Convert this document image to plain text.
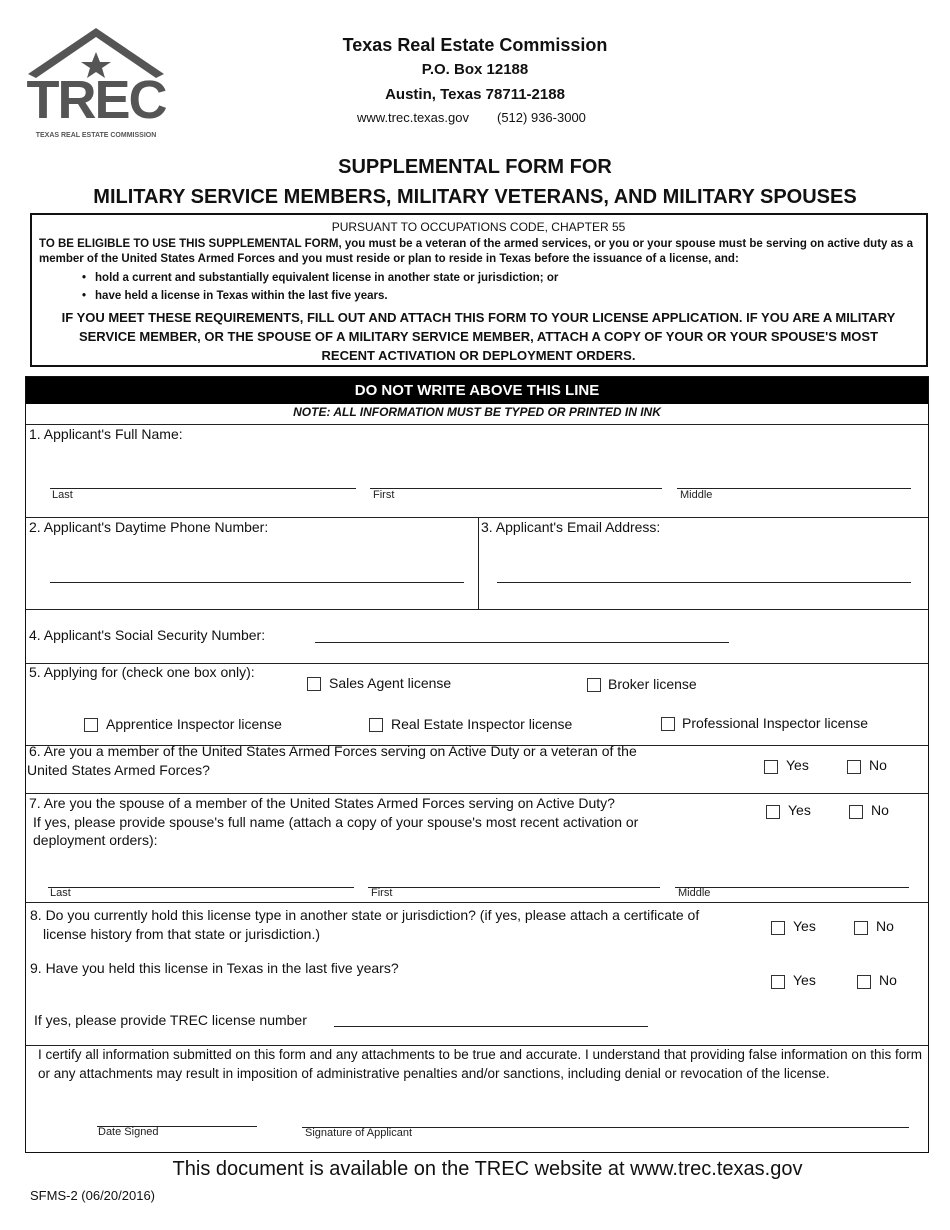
TREC
TEXAS REAL ESTATE COMMISSION
Texas Real Estate Commission
P.O. Box 12188
Austin, Texas 78711-2188
www.trec.texas.gov (512) 936-3000
SUPPLEMENTAL FORM FOR
MILITARY SERVICE MEMBERS, MILITARY VETERANS, AND MILITARY SPOUSES
PURSUANT TO OCCUPATIONS CODE, CHAPTER 55
TO BE ELIGIBLE TO USE THIS SUPPLEMENTAL FORM, you must be a veteran of the armed services, or you or your spouse must be serving on active duty as a member of the United States Armed Forces and you must reside or plan to reside in Texas before the issuance of a license, and:
• hold a current and substantially equivalent license in another state or jurisdiction; or
• have held a license in Texas within the last five years.
IF YOU MEET THESE REQUIREMENTS, FILL OUT AND ATTACH THIS FORM TO YOUR LICENSE APPLICATION. IF YOU ARE A MILITARY SERVICE MEMBER, OR THE SPOUSE OF A MILITARY SERVICE MEMBER, ATTACH A COPY OF YOUR OR YOUR SPOUSE'S MOST RECENT ACTIVATION OR DEPLOYMENT ORDERS.
DO NOT WRITE ABOVE THIS LINE
NOTE: ALL INFORMATION MUST BE TYPED OR PRINTED IN INK
1. Applicant's Full Name:
Last	First	Middle
2. Applicant's Daytime Phone Number:	3. Applicant's Email Address:
4. Applicant's Social Security Number:
5. Applying for (check one box only):
Sales Agent license	Broker license
Apprentice Inspector license	Real Estate Inspector license	Professional Inspector license
6. Are you a member of the United States Armed Forces serving on Active Duty or a veteran of the
United States Armed Forces?	Yes	No
7. Are you the spouse of a member of the United States Armed Forces serving on Active Duty?
If yes, please provide spouse's full name (attach a copy of your spouse's most recent activation or
deployment orders):
Yes	No
Last	First	Middle
8. Do you currently hold this license type in another state or jurisdiction? (if yes, please attach a certificate of
license history from that state or jurisdiction.)	Yes	No
9. Have you held this license in Texas in the last five years?
Yes	No
If yes, please provide TREC license number
I certify all information submitted on this form and any attachments to be true and accurate. I understand that providing false information on this form or any attachments may result in imposition of administrative penalties and/or sanctions, including denial or revocation of the license.
Date Signed	Signature of Applicant
This document is available on the TREC website at www.trec.texas.gov
SFMS-2 (06/20/2016)
